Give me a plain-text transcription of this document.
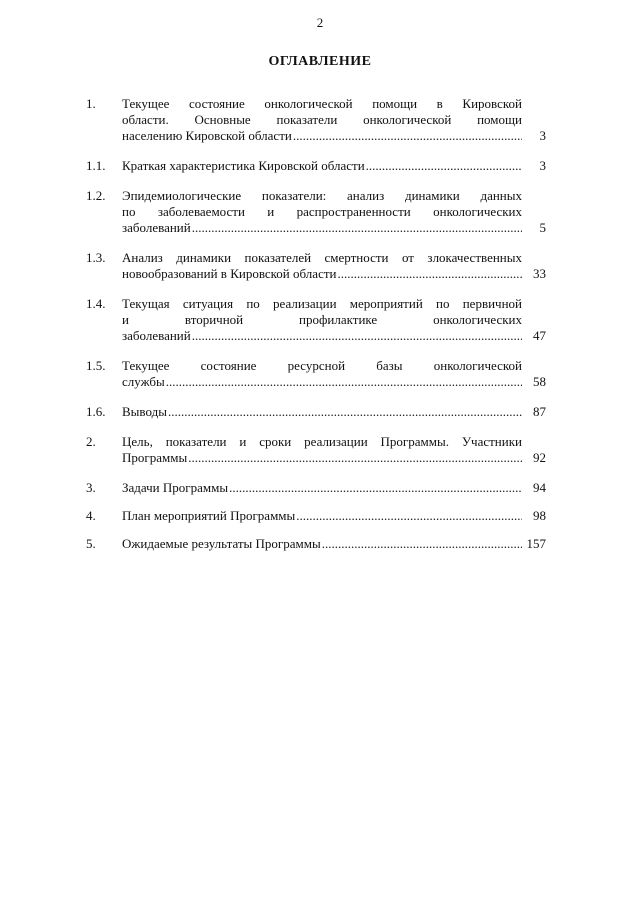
2
ОГЛАВЛЕНИЕ
1. Текущее состояние онкологической помощи в Кировской
области. Основные показатели онкологической помощи
населению Кировской области .....	3
1.1. Краткая характеристика Кировской области .....	3
1.2. Эпидемиологические показатели: анализ динамики данных
по заболеваемости и распространенности онкологических
заболеваний .....	5
1.3. Анализ динамики показателей смертности от злокачественных
новообразований в Кировской области .....	33
1.4. Текущая ситуация по реализации мероприятий по первичной
и вторичной профилактике онкологических
заболеваний .....	47
1.5. Текущее состояние ресурсной базы онкологической
службы .....	58
1.6. Выводы .....	87
2. Цель, показатели и сроки реализации Программы. Участники
Программы .....	92
3. Задачи Программы .....	94
4. План мероприятий Программы .....	98
5. Ожидаемые результаты Программы .....	157
